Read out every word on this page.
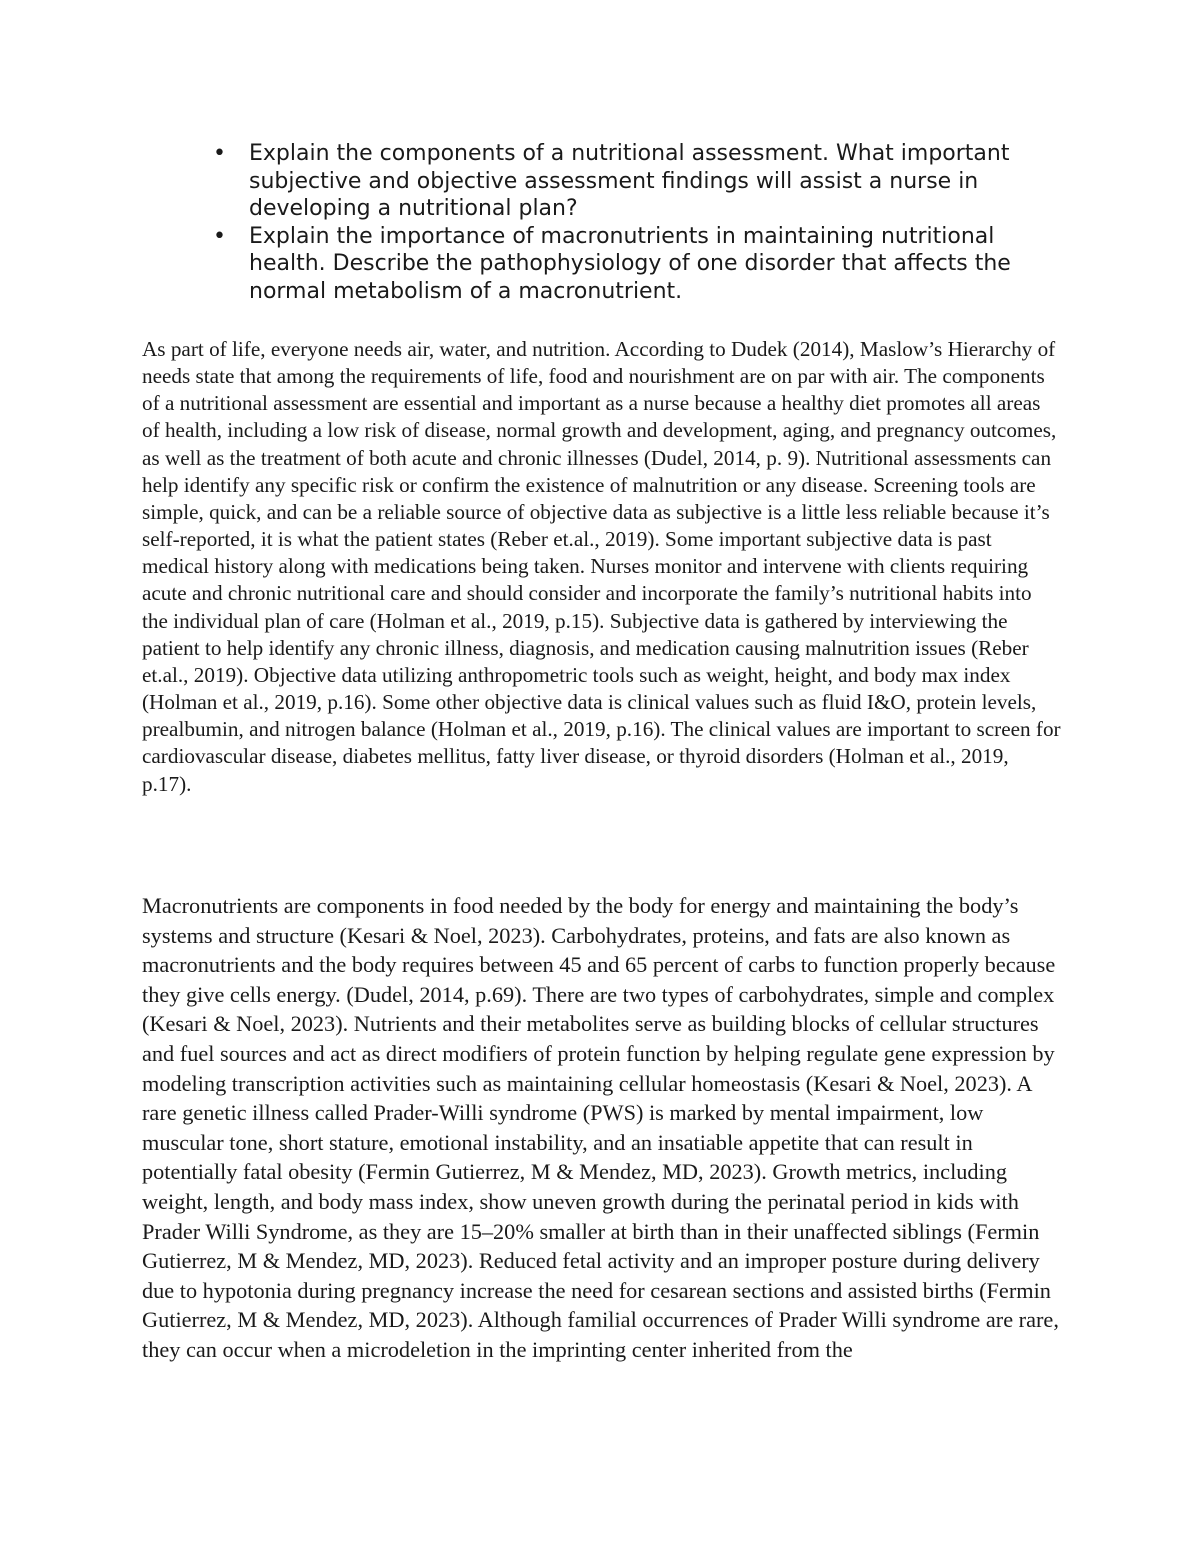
• Explain the components of a nutritional assessment. What important subjective and objective assessment findings will assist a nurse in developing a nutritional plan?
• Explain the importance of macronutrients in maintaining nutritional health. Describe the pathophysiology of one disorder that affects the normal metabolism of a macronutrient.

As part of life, everyone needs air, water, and nutrition. According to Dudek (2014), Maslow’s Hierarchy of needs state that among the requirements of life, food and nourishment are on par with air. The components of a nutritional assessment are essential and important as a nurse because a healthy diet promotes all areas of health, including a low risk of disease, normal growth and development, aging, and pregnancy outcomes, as well as the treatment of both acute and chronic illnesses (Dudel, 2014, p. 9). Nutritional assessments can help identify any specific risk or confirm the existence of malnutrition or any disease. Screening tools are simple, quick, and can be a reliable source of objective data as subjective is a little less reliable because it’s self-reported, it is what the patient states (Reber et.al., 2019). Some important subjective data is past medical history along with medications being taken. Nurses monitor and intervene with clients requiring acute and chronic nutritional care and should consider and incorporate the family’s nutritional habits into the individual plan of care (Holman et al., 2019, p.15). Subjective data is gathered by interviewing the patient to help identify any chronic illness, diagnosis, and medication causing malnutrition issues (Reber et.al., 2019). Objective data utilizing anthropometric tools such as weight, height, and body max index (Holman et al., 2019, p.16). Some other objective data is clinical values such as fluid I&O, protein levels, prealbumin, and nitrogen balance (Holman et al., 2019, p.16). The clinical values are important to screen for cardiovascular disease, diabetes mellitus, fatty liver disease, or thyroid disorders (Holman et al., 2019, p.17).

Macronutrients are components in food needed by the body for energy and maintaining the body’s systems and structure (Kesari & Noel, 2023). Carbohydrates, proteins, and fats are also known as macronutrients and the body requires between 45 and 65 percent of carbs to function properly because they give cells energy. (Dudel, 2014, p.69). There are two types of carbohydrates, simple and complex (Kesari & Noel, 2023). Nutrients and their metabolites serve as building blocks of cellular structures and fuel sources and act as direct modifiers of protein function by helping regulate gene expression by modeling transcription activities such as maintaining cellular homeostasis (Kesari & Noel, 2023). A rare genetic illness called Prader-Willi syndrome (PWS) is marked by mental impairment, low muscular tone, short stature, emotional instability, and an insatiable appetite that can result in potentially fatal obesity (Fermin Gutierrez, M & Mendez, MD, 2023). Growth metrics, including weight, length, and body mass index, show uneven growth during the perinatal period in kids with Prader Willi Syndrome, as they are 15–20% smaller at birth than in their unaffected siblings (Fermin Gutierrez, M & Mendez, MD, 2023). Reduced fetal activity and an improper posture during delivery due to hypotonia during pregnancy increase the need for cesarean sections and assisted births (Fermin Gutierrez, M & Mendez, MD, 2023). Although familial occurrences of Prader Willi syndrome are rare, they can occur when a microdeletion in the imprinting center inherited from the
